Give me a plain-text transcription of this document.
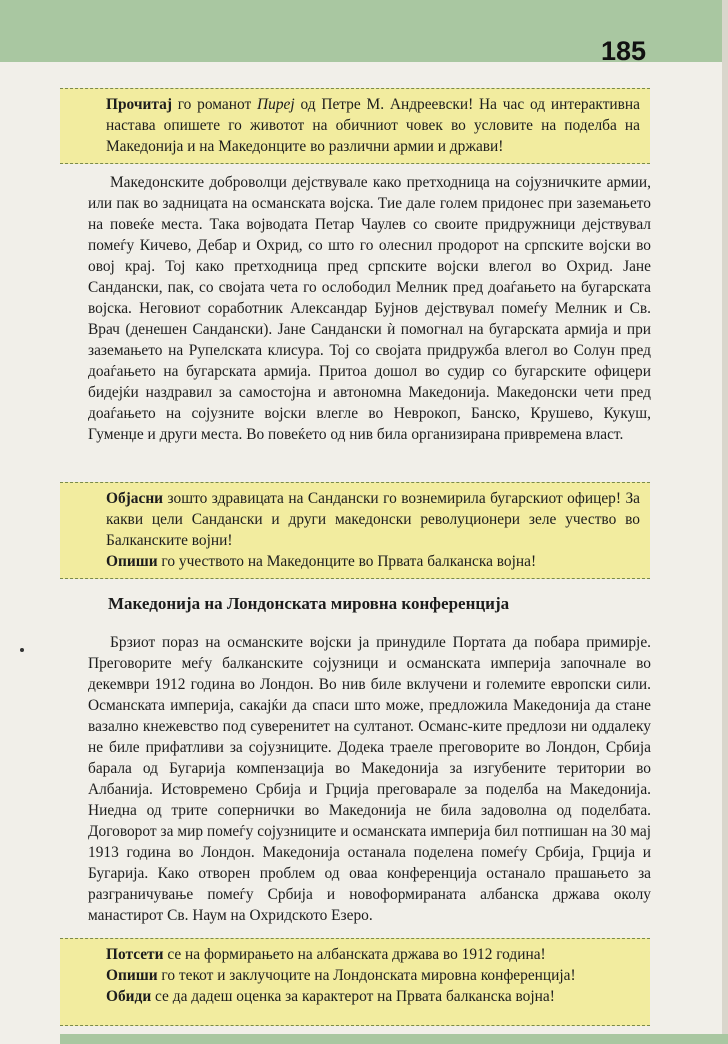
185

Прочитај го романот Пиреј од Петре М. Андреевски! На час од интерактивна настава опишете го животот на обичниот човек во условите на поделба на Македонија и на Македонците во различни армии и држави!

Македонските доброволци дејствувале како претходница на сојузничките армии, или пак во задницата на османската војска. Тие дале голем придонес при заземањето на повеќе места. Така војводата Петар Чаулев со своите придружници дејствувал помеѓу Кичево, Дебар и Охрид, со што го олеснил продорот на српските војски во овој крај. Тој како претходница пред српските војски влегол во Охрид. Јане Сандански, пак, со својата чета го ослободил Мелник пред доаѓањето на бугарската војска. Неговиот соработник Александар Бујнов дејствувал помеѓу Мелник и Св. Врач (денешен Сандански). Јане Сандански ѝ помогнал на бугарската армија и при заземањето на Рупелската клисура. Тој со својата придружба влегол во Солун пред доаѓањето на бугарската армија. Притоа дошол во судир со бугарските офицери бидејќи наздравил за самостојна и автономна Македонија. Македонски чети пред доаѓањето на сојузните војски влегле во Неврокоп, Банско, Крушево, Кукуш, Гуменџе и други места. Во повеќето од нив била организирана привремена власт.

Објасни зошто здравицата на Сандански го вознемирила бугарскиот офицер! За какви цели Сандански и други македонски револуционери зеле учество во Балканските војни!

Опиши го учеството на Македонците во Првата балканска војна!

Македонија на Лондонската мировна конференција

Брзиот пораз на османските војски ја принудиле Портата да побара примирје. Преговорите меѓу балканските сојузници и османската империја започнале во декември 1912 година во Лондон. Во нив биле вклучени и големите европски сили. Османската империја, сакајќи да спаси што може, предложила Македонија да стане вазално кнежевство под суверенитет на султанот. Османс-ките предлози ни оддалеку не биле прифатливи за сојузниците. Додека траеле преговорите во Лондон, Србија барала од Бугарија компензација во Македонија за изгубените територии во Албанија. Истовремено Србија и Грција преговарале за поделба на Македонија. Ниедна од трите сопернички во Македонија не била задоволна од поделбата. Договорот за мир помеѓу сојузниците и османската империја бил потпишан на 30 мај 1913 година во Лондон. Македонија останала поделена помеѓу Србија, Грција и Бугарија. Како отворен проблем од оваа конференција останало прашањето за разграничување помеѓу Србија и новоформираната албанска држава околу манастирот Св. Наум на Охридското Езеро.

Потсети се на формирањето на албанската држава во 1912 година!

Опиши го текот и заклучоците на Лондонската мировна конференција!

Обиди се да дадеш оценка за карактерот на Првата балканска војна!
